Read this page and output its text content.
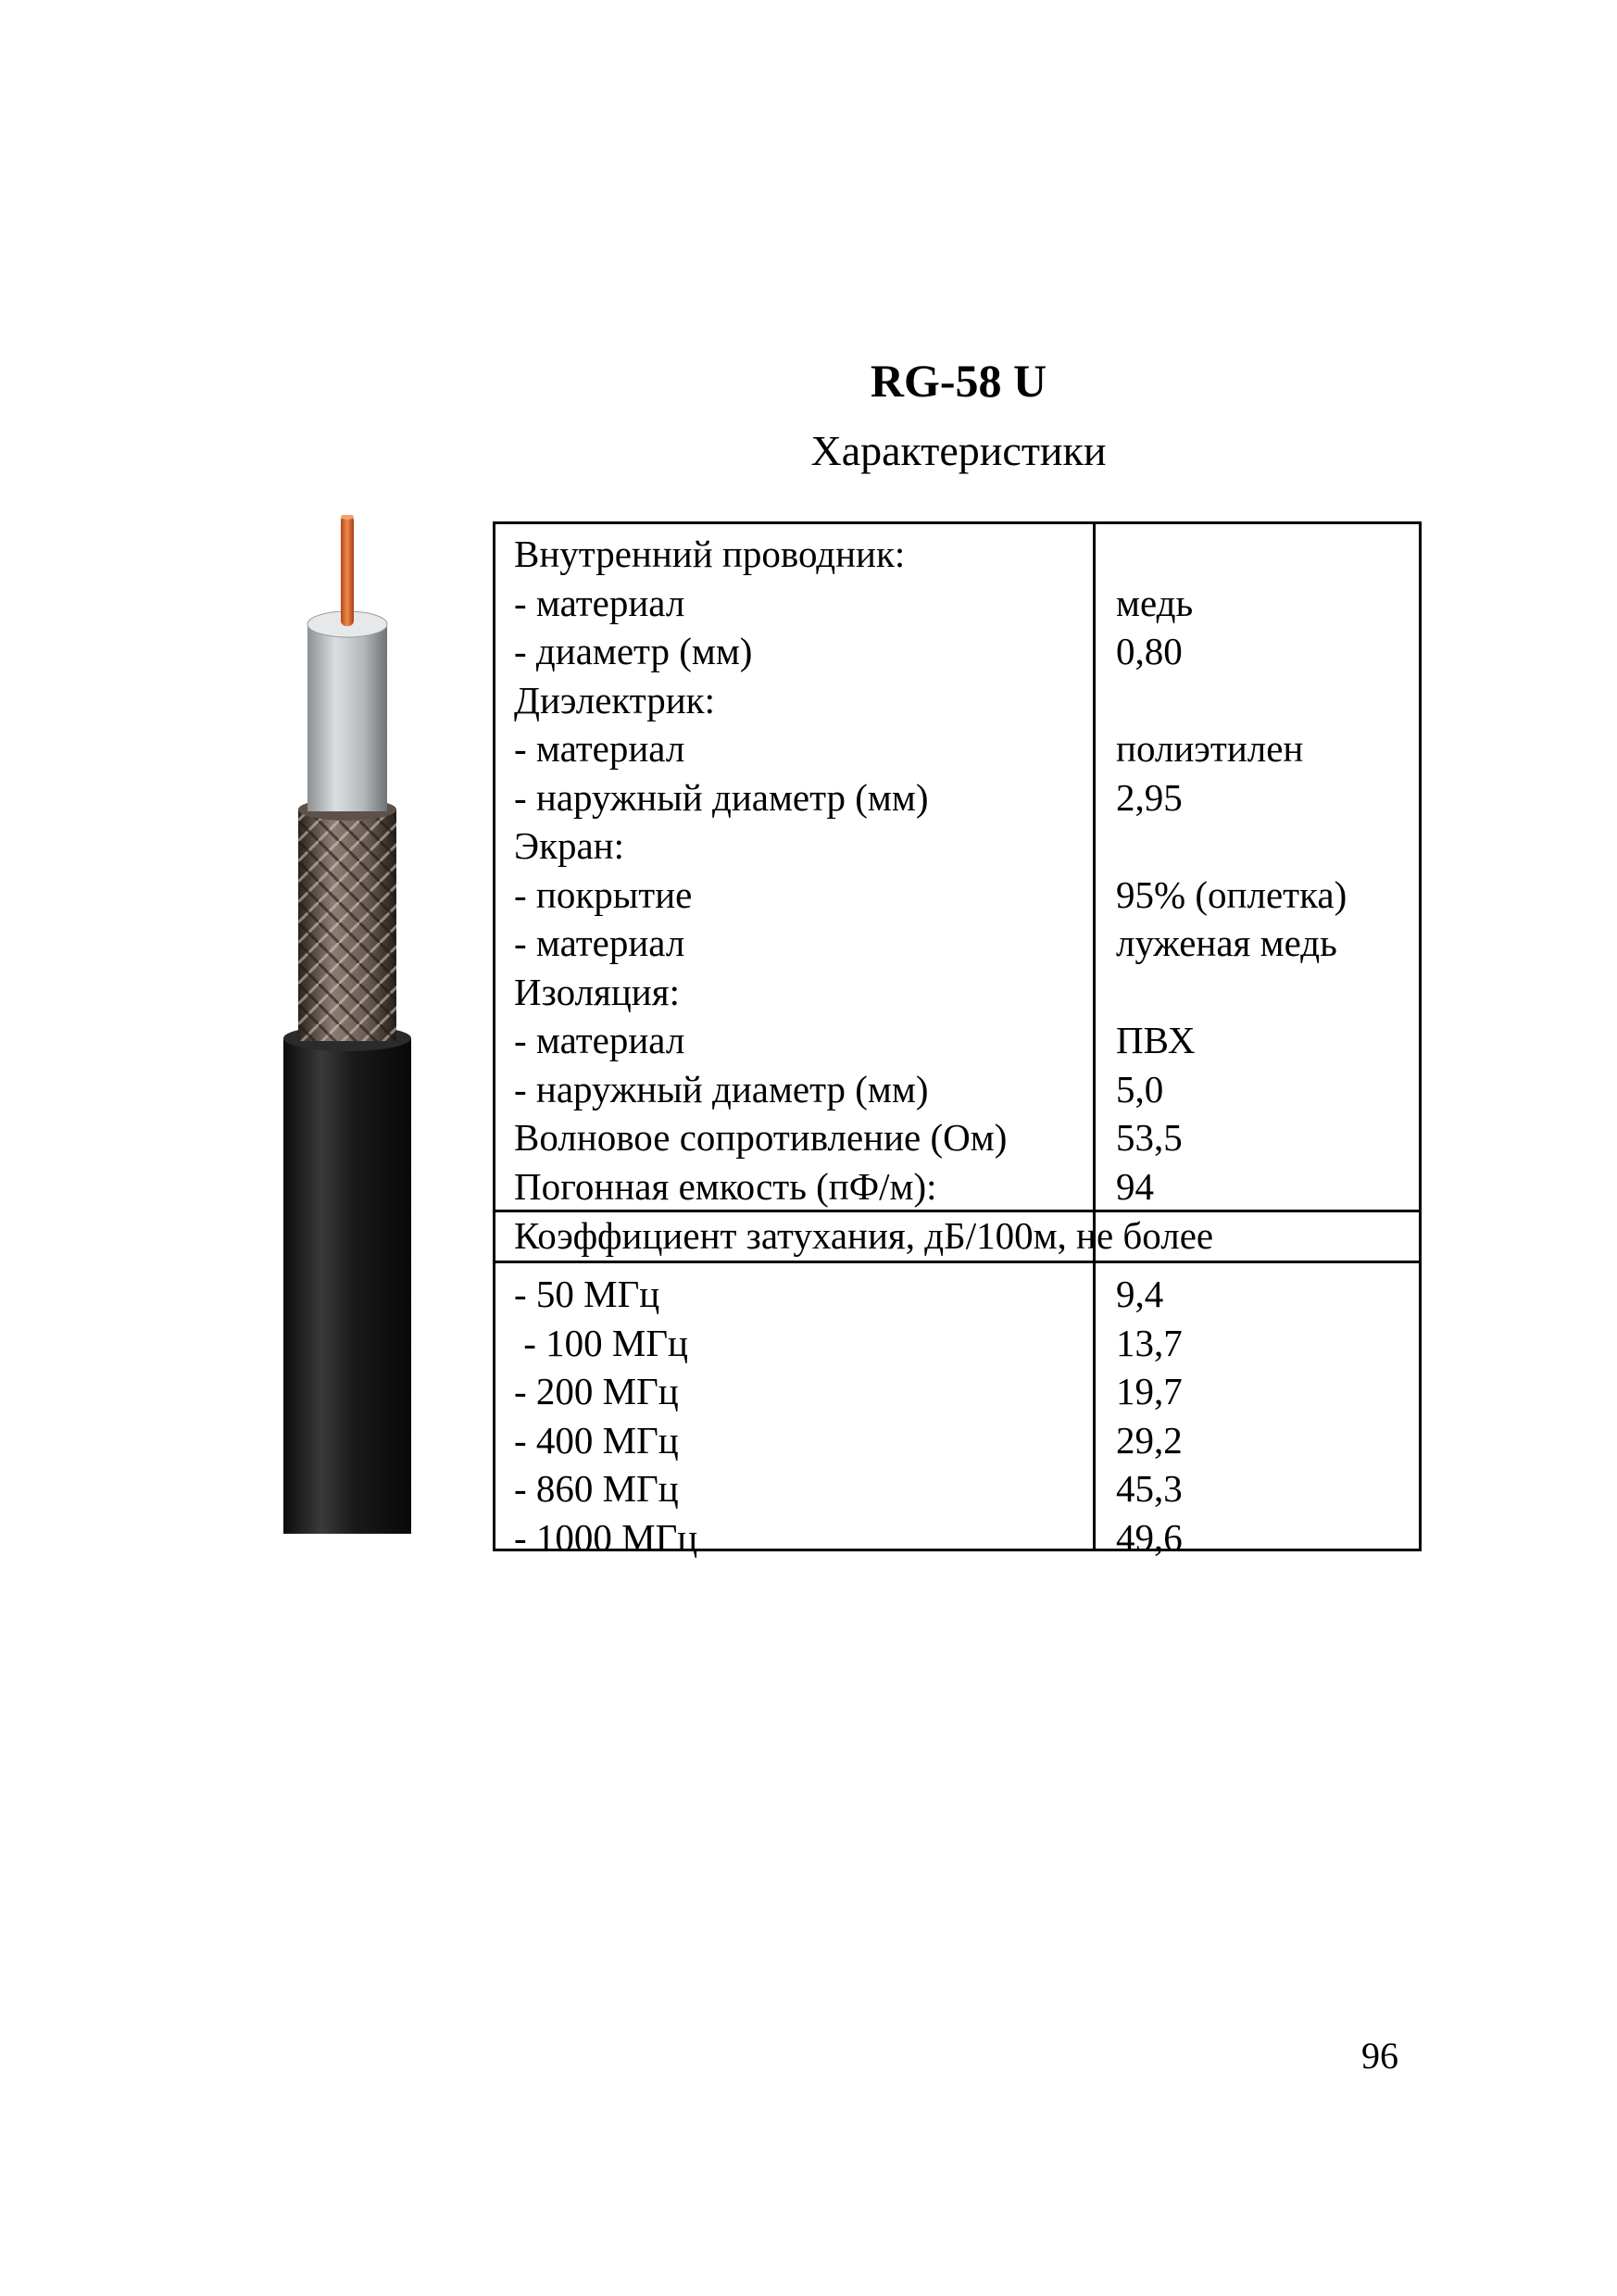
RG-58 U
Характеристики
Внутренний проводник:
- материал
- диаметр (мм)
Диэлектрик:
- материал
- наружный диаметр (мм)
Экран:
- покрытие
- материал
Изоляция:
- материал
- наружный диаметр (мм)
Волновое сопротивление (Ом)
Погонная емкость (пФ/м):
медь
0,80
полиэтилен
2,95
95% (оплетка)
луженая медь
ПВХ
5,0
53,5
94
Коэффициент затухания, дБ/100м, не более
- 50 МГц
- 100 МГц
- 200 МГц
- 400 МГц
- 860 МГц
- 1000 МГц
9,4
13,7
19,7
29,2
45,3
49,6
96
